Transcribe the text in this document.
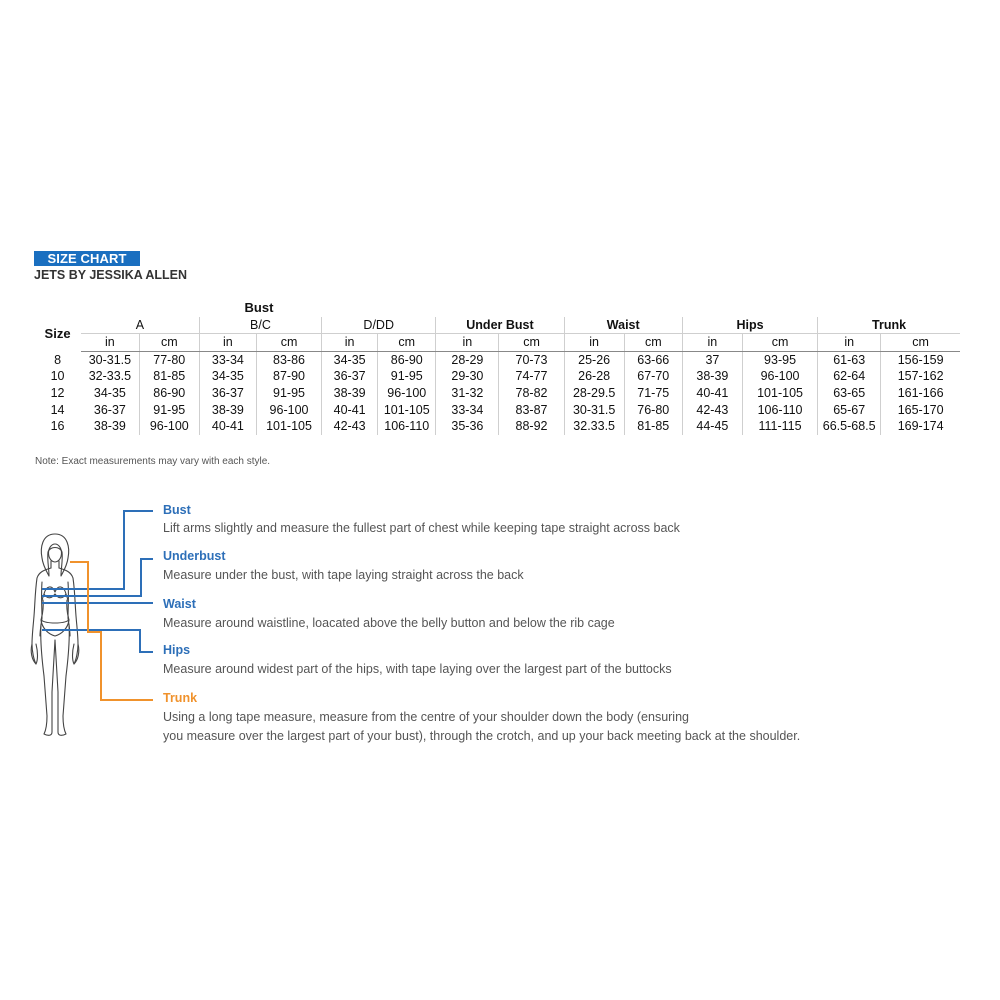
SIZE CHART
JETS BY JESSIKA ALLEN
Bust
Size	A		B/C		D/DD		Under Bust		Waist		Hips		Trunk	
	in	cm	in	cm	in	cm	in	cm	in	cm	in	cm	in	cm
8	30-31.5	77-80	33-34	83-86	34-35	86-90	28-29	70-73	25-26	63-66	37	93-95	61-63	156-159
10	32-33.5	81-85	34-35	87-90	36-37	91-95	29-30	74-77	26-28	67-70	38-39	96-100	62-64	157-162
12	34-35	86-90	36-37	91-95	38-39	96-100	31-32	78-82	28-29.5	71-75	40-41	101-105	63-65	161-166
14	36-37	91-95	38-39	96-100	40-41	101-105	33-34	83-87	30-31.5	76-80	42-43	106-110	65-67	165-170
16	38-39	96-100	40-41	101-105	42-43	106-110	35-36	88-92	32.33.5	81-85	44-45	111-115	66.5-68.5	169-174
Note: Exact measurements may vary with each style.
Bust
Lift arms slightly and measure the fullest part of chest while keeping tape straight across back
Underbust
Measure under the bust, with tape laying straight across the back
Waist
Measure around waistline, loacated above the belly button and below the rib cage
Hips
Measure around widest part of the hips, with tape laying over the largest part of the buttocks
Trunk
Using a long tape measure, measure from the centre of your shoulder down the body (ensuring
you measure over the largest part of your bust), through the crotch, and up your back meeting back at the shoulder.
